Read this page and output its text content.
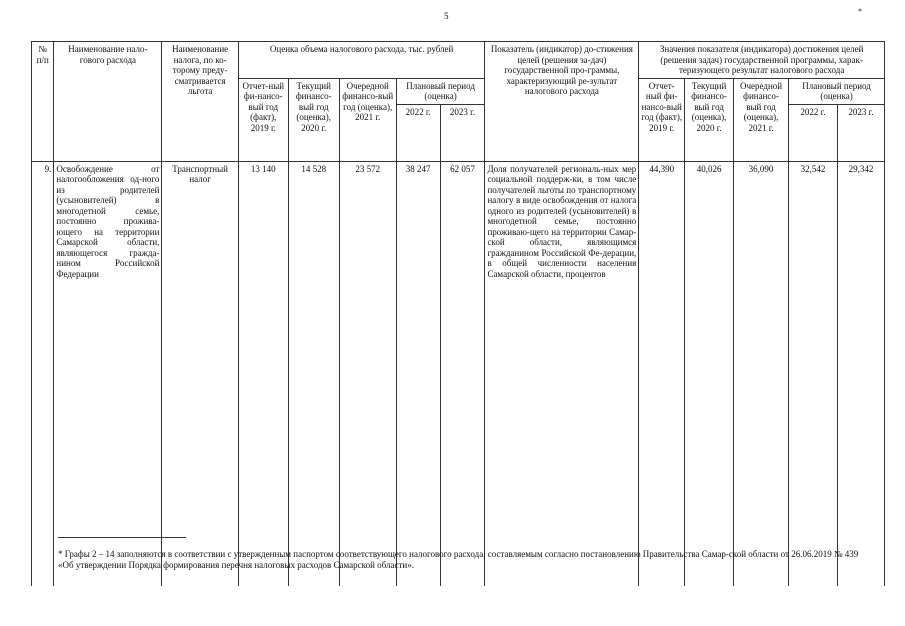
5	*
№ п/п	Наименование нало-гового расхода	Наименование налога, по ко-торому преду-сматривается льгота	Оценка объема налогового расхода, тыс. рублей					Показатель (индикатор) до-стижения целей (решения за-дач) государственной про-граммы, характеризующий ре-зультат налогового расхода	Значения показателя (индикатора) достижения целей (решения задач) государственной программы, харак-теризующего результат налогового расхода				
			Отчет-ный фи-нансо-вый год (факт), 2019 г.	Текущий финансо-вый год (оценка), 2020 г.	Очередной финансо-вый год (оценка), 2021 г.	Плановый период (оценка)			Отчет-ный фи-нансо-вый год (факт), 2019 г.	Текущий финансо-вый год (оценка), 2020 г.	Очередной финансо-вый год (оценка), 2021 г.	Плановый период (оценка)	
						2022 г.	2023 г.					2022 г.	2023 г.
9.	Освобождение от налогообложения од-ного из родителей (усыновителей) в многодетной семье, постоянно прожива-ющего на территории Самарской области, являющегося гражда-нином Российской Федерации	Транспортный налог	13 140	14 528	23 572	38 247	62 057	Доля получателей региональ-ных мер социальной поддерж-ки, в том числе получателей льготы по транспортному налогу в виде освобождения от налога одного из родителей (усыновителей) в многодетной семье, постоянно проживаю-щего на территории Самар-ской области, являющимся гражданином Российской Фе-дерации, в общей численности населения Самарской области, процентов	44,390	40,026	36,090	32,542	29,342
* Графы 2 – 14 заполняются в соответствии с утвержденным паспортом соответствующего налогового расхода, составляемым согласно постановлению Правительства Самар-ской области от 26.06.2019 № 439 «Об утверждении Порядка формирования перечня налоговых расходов Самарской области».
